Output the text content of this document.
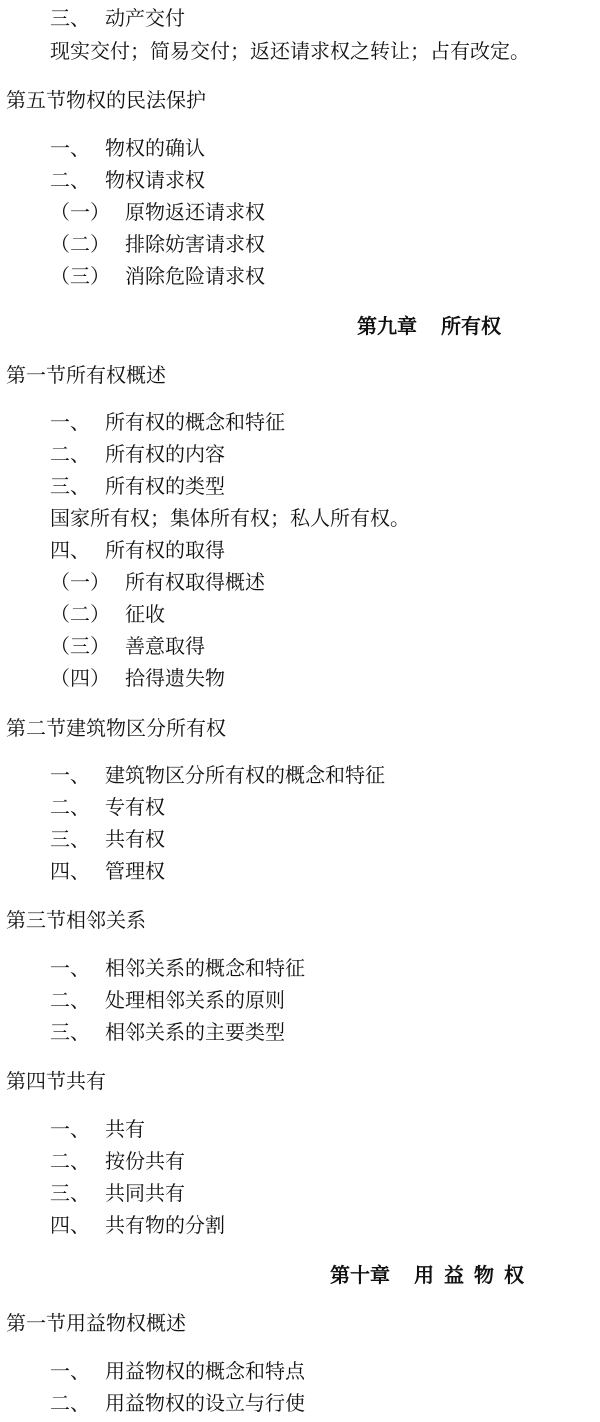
三、 动产交付
现实交付；简易交付；返还请求权之转让；占有改定。
第五节物权的民法保护
一、 物权的确认
二、 物权请求权
（一） 原物返还请求权
（二） 排除妨害请求权
（三） 消除危险请求权
第九章 所有权
第一节所有权概述
一、 所有权的概念和特征
二、 所有权的内容
三、 所有权的类型
国家所有权；集体所有权；私人所有权。
四、 所有权的取得
（一） 所有权取得概述
（二） 征收
（三） 善意取得
（四） 拾得遗失物
第二节建筑物区分所有权
一、 建筑物区分所有权的概念和特征
二、 专有权
三、 共有权
四、 管理权
第三节相邻关系
一、 相邻关系的概念和特征
二、 处理相邻关系的原则
三、 相邻关系的主要类型
第四节共有
一、 共有
二、 按份共有
三、 共同共有
四、 共有物的分割
第十章 用 益 物 权
第一节用益物权概述
一、 用益物权的概念和特点
二、 用益物权的设立与行使
